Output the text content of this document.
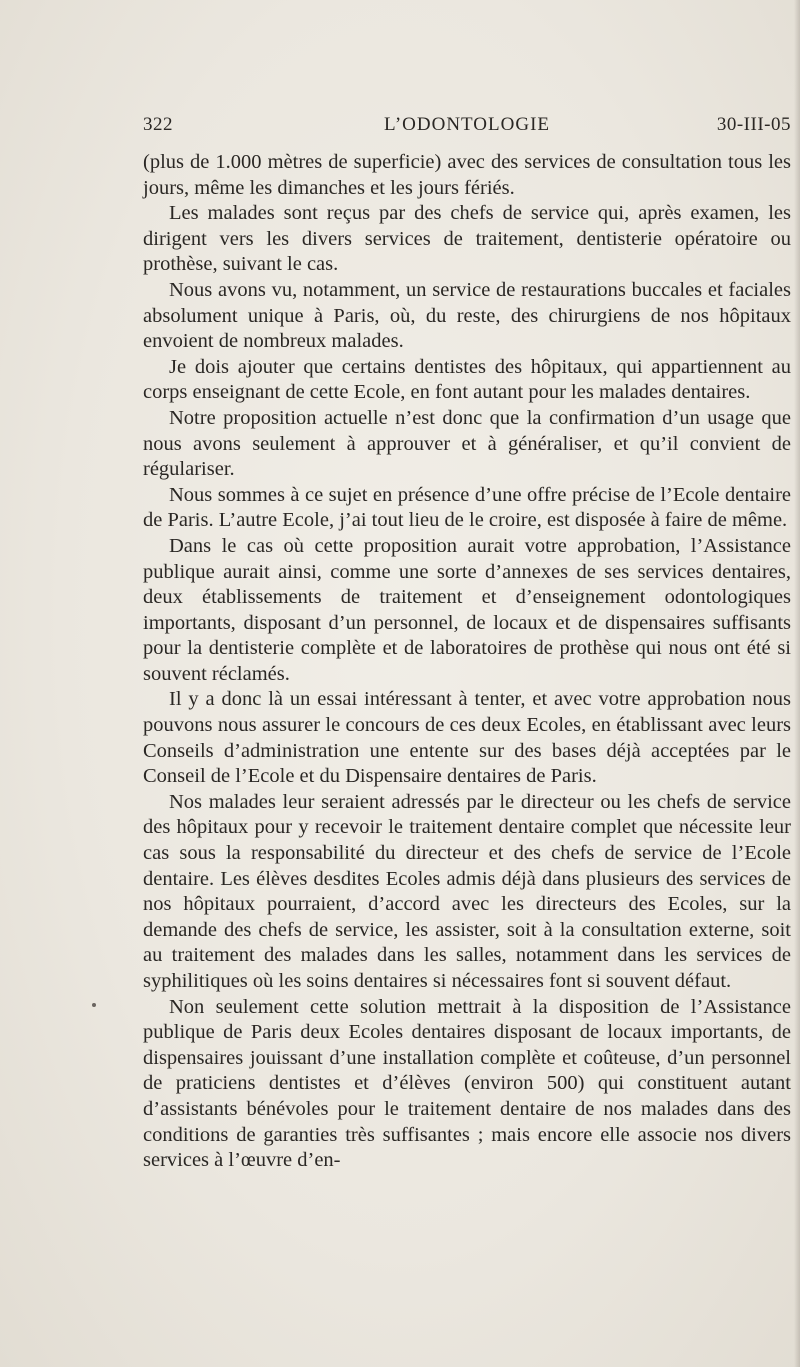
322	L’ODONTOLOGIE	30-III-05

(plus de 1.000 mètres de superficie) avec des services de consultation tous les jours, même les dimanches et les jours fériés.

Les malades sont reçus par des chefs de service qui, après examen, les dirigent vers les divers services de traitement, dentisterie opératoire ou prothèse, suivant le cas.

Nous avons vu, notamment, un service de restaurations buccales et faciales absolument unique à Paris, où, du reste, des chirurgiens de nos hôpitaux envoient de nombreux malades.

Je dois ajouter que certains dentistes des hôpitaux, qui appartiennent au corps enseignant de cette Ecole, en font autant pour les malades dentaires.

Notre proposition actuelle n’est donc que la confirmation d’un usage que nous avons seulement à approuver et à généraliser, et qu’il convient de régulariser.

Nous sommes à ce sujet en présence d’une offre précise de l’Ecole dentaire de Paris. L’autre Ecole, j’ai tout lieu de le croire, est disposée à faire de même.

Dans le cas où cette proposition aurait votre approbation, l’Assistance publique aurait ainsi, comme une sorte d’annexes de ses services dentaires, deux établissements de traitement et d’enseignement odontologiques importants, disposant d’un personnel, de locaux et de dispensaires suffisants pour la dentisterie complète et de laboratoires de prothèse qui nous ont été si souvent réclamés.

Il y a donc là un essai intéressant à tenter, et avec votre approbation nous pouvons nous assurer le concours de ces deux Ecoles, en établissant avec leurs Conseils d’administration une entente sur des bases déjà acceptées par le Conseil de l’Ecole et du Dispensaire dentaires de Paris.

Nos malades leur seraient adressés par le directeur ou les chefs de service des hôpitaux pour y recevoir le traitement dentaire complet que nécessite leur cas sous la responsabilité du directeur et des chefs de service de l’Ecole dentaire. Les élèves desdites Ecoles admis déjà dans plusieurs des services de nos hôpitaux pourraient, d’accord avec les directeurs des Ecoles, sur la demande des chefs de service, les assister, soit à la consultation externe, soit au traitement des malades dans les salles, notamment dans les services de syphilitiques où les soins dentaires si nécessaires font si souvent défaut.

Non seulement cette solution mettrait à la disposition de l’Assistance publique de Paris deux Ecoles dentaires disposant de locaux importants, de dispensaires jouissant d’une installation complète et coûteuse, d’un personnel de praticiens dentistes et d’élèves (environ 500) qui constituent autant d’assistants bénévoles pour le traitement dentaire de nos malades dans des conditions de garanties très suffisantes ; mais encore elle associe nos divers services à l’œuvre d’en-
